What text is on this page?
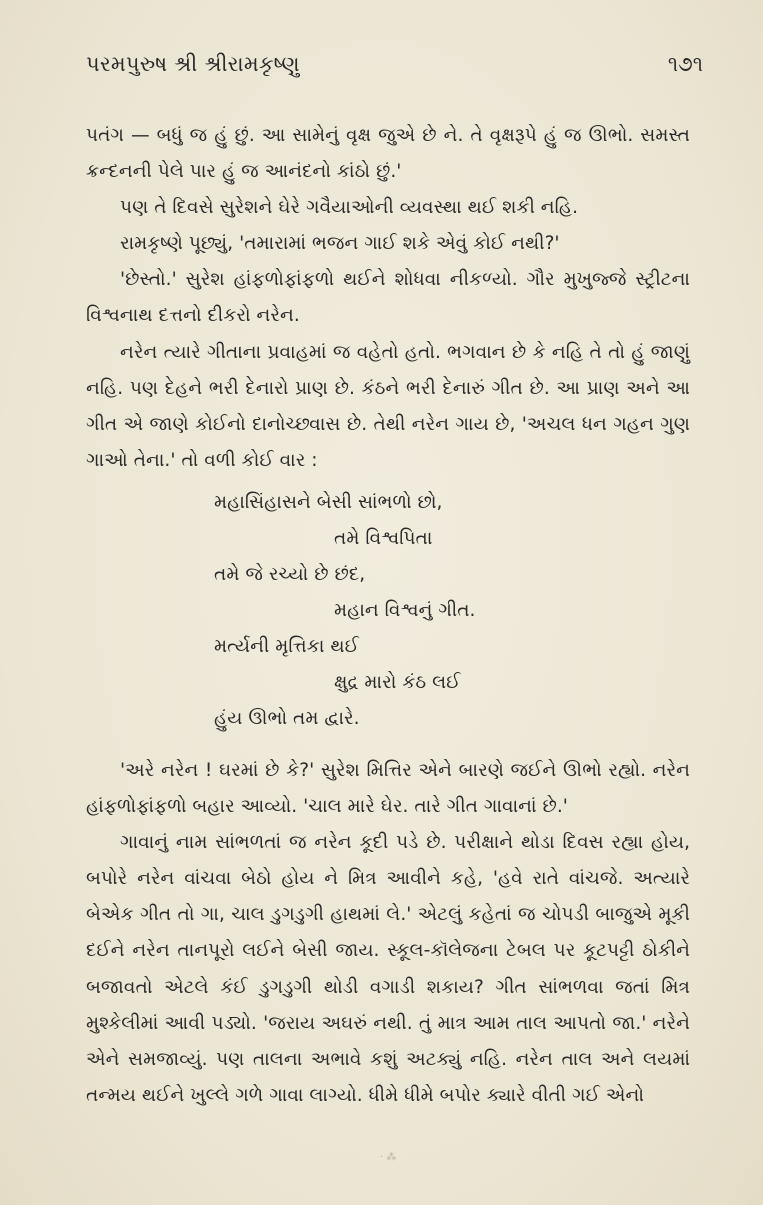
પરમપુરુષ શ્રી શ્રીરામકૃષ્ણુ	૧૭૧

પતંગ — બધું જ હું છું. આ સામેનું વૃક્ષ જુએ છે ને. તે વૃક્ષરૂપે હું જ ઊભો. સમસ્ત ક્રન્દનની પેલે પાર હું જ આનંદનો કાંઠો છું.'

પણ તે દિવસે સુરેશને ઘેરે ગવૈયાઓની વ્યવસ્થા થઈ શકી નહિ.

રામકૃષ્ણે પૂછ્યું, 'તમારામાં ભજન ગાઈ શકે એવું કોઈ નથી?'

'છેસ્તો.' સુરેશ હાંફળોફાંફળો થઈને શોધવા નીકળ્યો. ગૌર મુખુજ્જે સ્ટ્રીટના વિશ્વનાથ દત્તનો દીકરો નરેન.

નરેન ત્યારે ગીતાના પ્રવાહમાં જ વહેતો હતો. ભગવાન છે કે નહિ તે તો હું જાણું નહિ. પણ દેહને ભરી દેનારો પ્રાણ છે. કંઠને ભરી દેનારું ગીત છે. આ પ્રાણ અને આ ગીત એ જાણે કોઈનો દાનોચ્છ્વાસ છે. તેથી નરેન ગાય છે, 'અચલ ધન ગહન ગુણ ગાઓ તેના.' તો વળી કોઈ વાર :

મહાસિંહાસને બેસી સાંભળો છો,
તમે વિશ્વપિતા
તમે જે રચ્યો છે છંદ,
મહાન વિશ્વનું ગીત.
મર્ત્યની મૃત્તિકા થઈ
ક્ષુદ્ર મારો કંઠ લઈ
હુંય ઊભો તમ દ્વારે.

'અરે નરેન ! ઘરમાં છે કે?' સુરેશ મિત્તિર એને બારણે જઈને ઊભો રહ્યો. નરેન હાંફળોફાંફળો બહાર આવ્યો. 'ચાલ મારે ઘેર. તારે ગીત ગાવાનાં છે.'

ગાવાનું નામ સાંભળતાં જ નરેન કૂદી પડે છે. પરીક્ષાને થોડા દિવસ રહ્યા હોય, બપોરે નરેન વાંચવા બેઠો હોય ને મિત્ર આવીને કહે, 'હવે રાતે વાંચજે. અત્યારે બેએક ગીત તો ગા, ચાલ ડુગડુગી હાથમાં લે.' એટલું કહેતાં જ ચોપડી બાજુએ મૂકી દઈને નરેન તાનપૂરો લઈને બેસી જાય. સ્કૂલ-કૉલેજના ટેબલ પર કૂટપટ્ટી ઠોકીને બજાવતો એટલે કંઈ ડુગડુગી થોડી વગાડી શકાય? ગીત સાંભળવા જતાં મિત્ર મુશ્કેલીમાં આવી પડ્યો. 'જરાય અઘરું નથી. તું માત્ર આમ તાલ આપતો જા.' નરેને એને સમજાવ્યું. પણ તાલના અભાવે કશું અટક્યું નહિ. નરેન તાલ અને લયમાં તન્મય થઈને ખુલ્લે ગળે ગાવા લાગ્યો. ધીમે ધીમે બપોર ક્યારે વીતી ગઈ એનો

· ⁂
